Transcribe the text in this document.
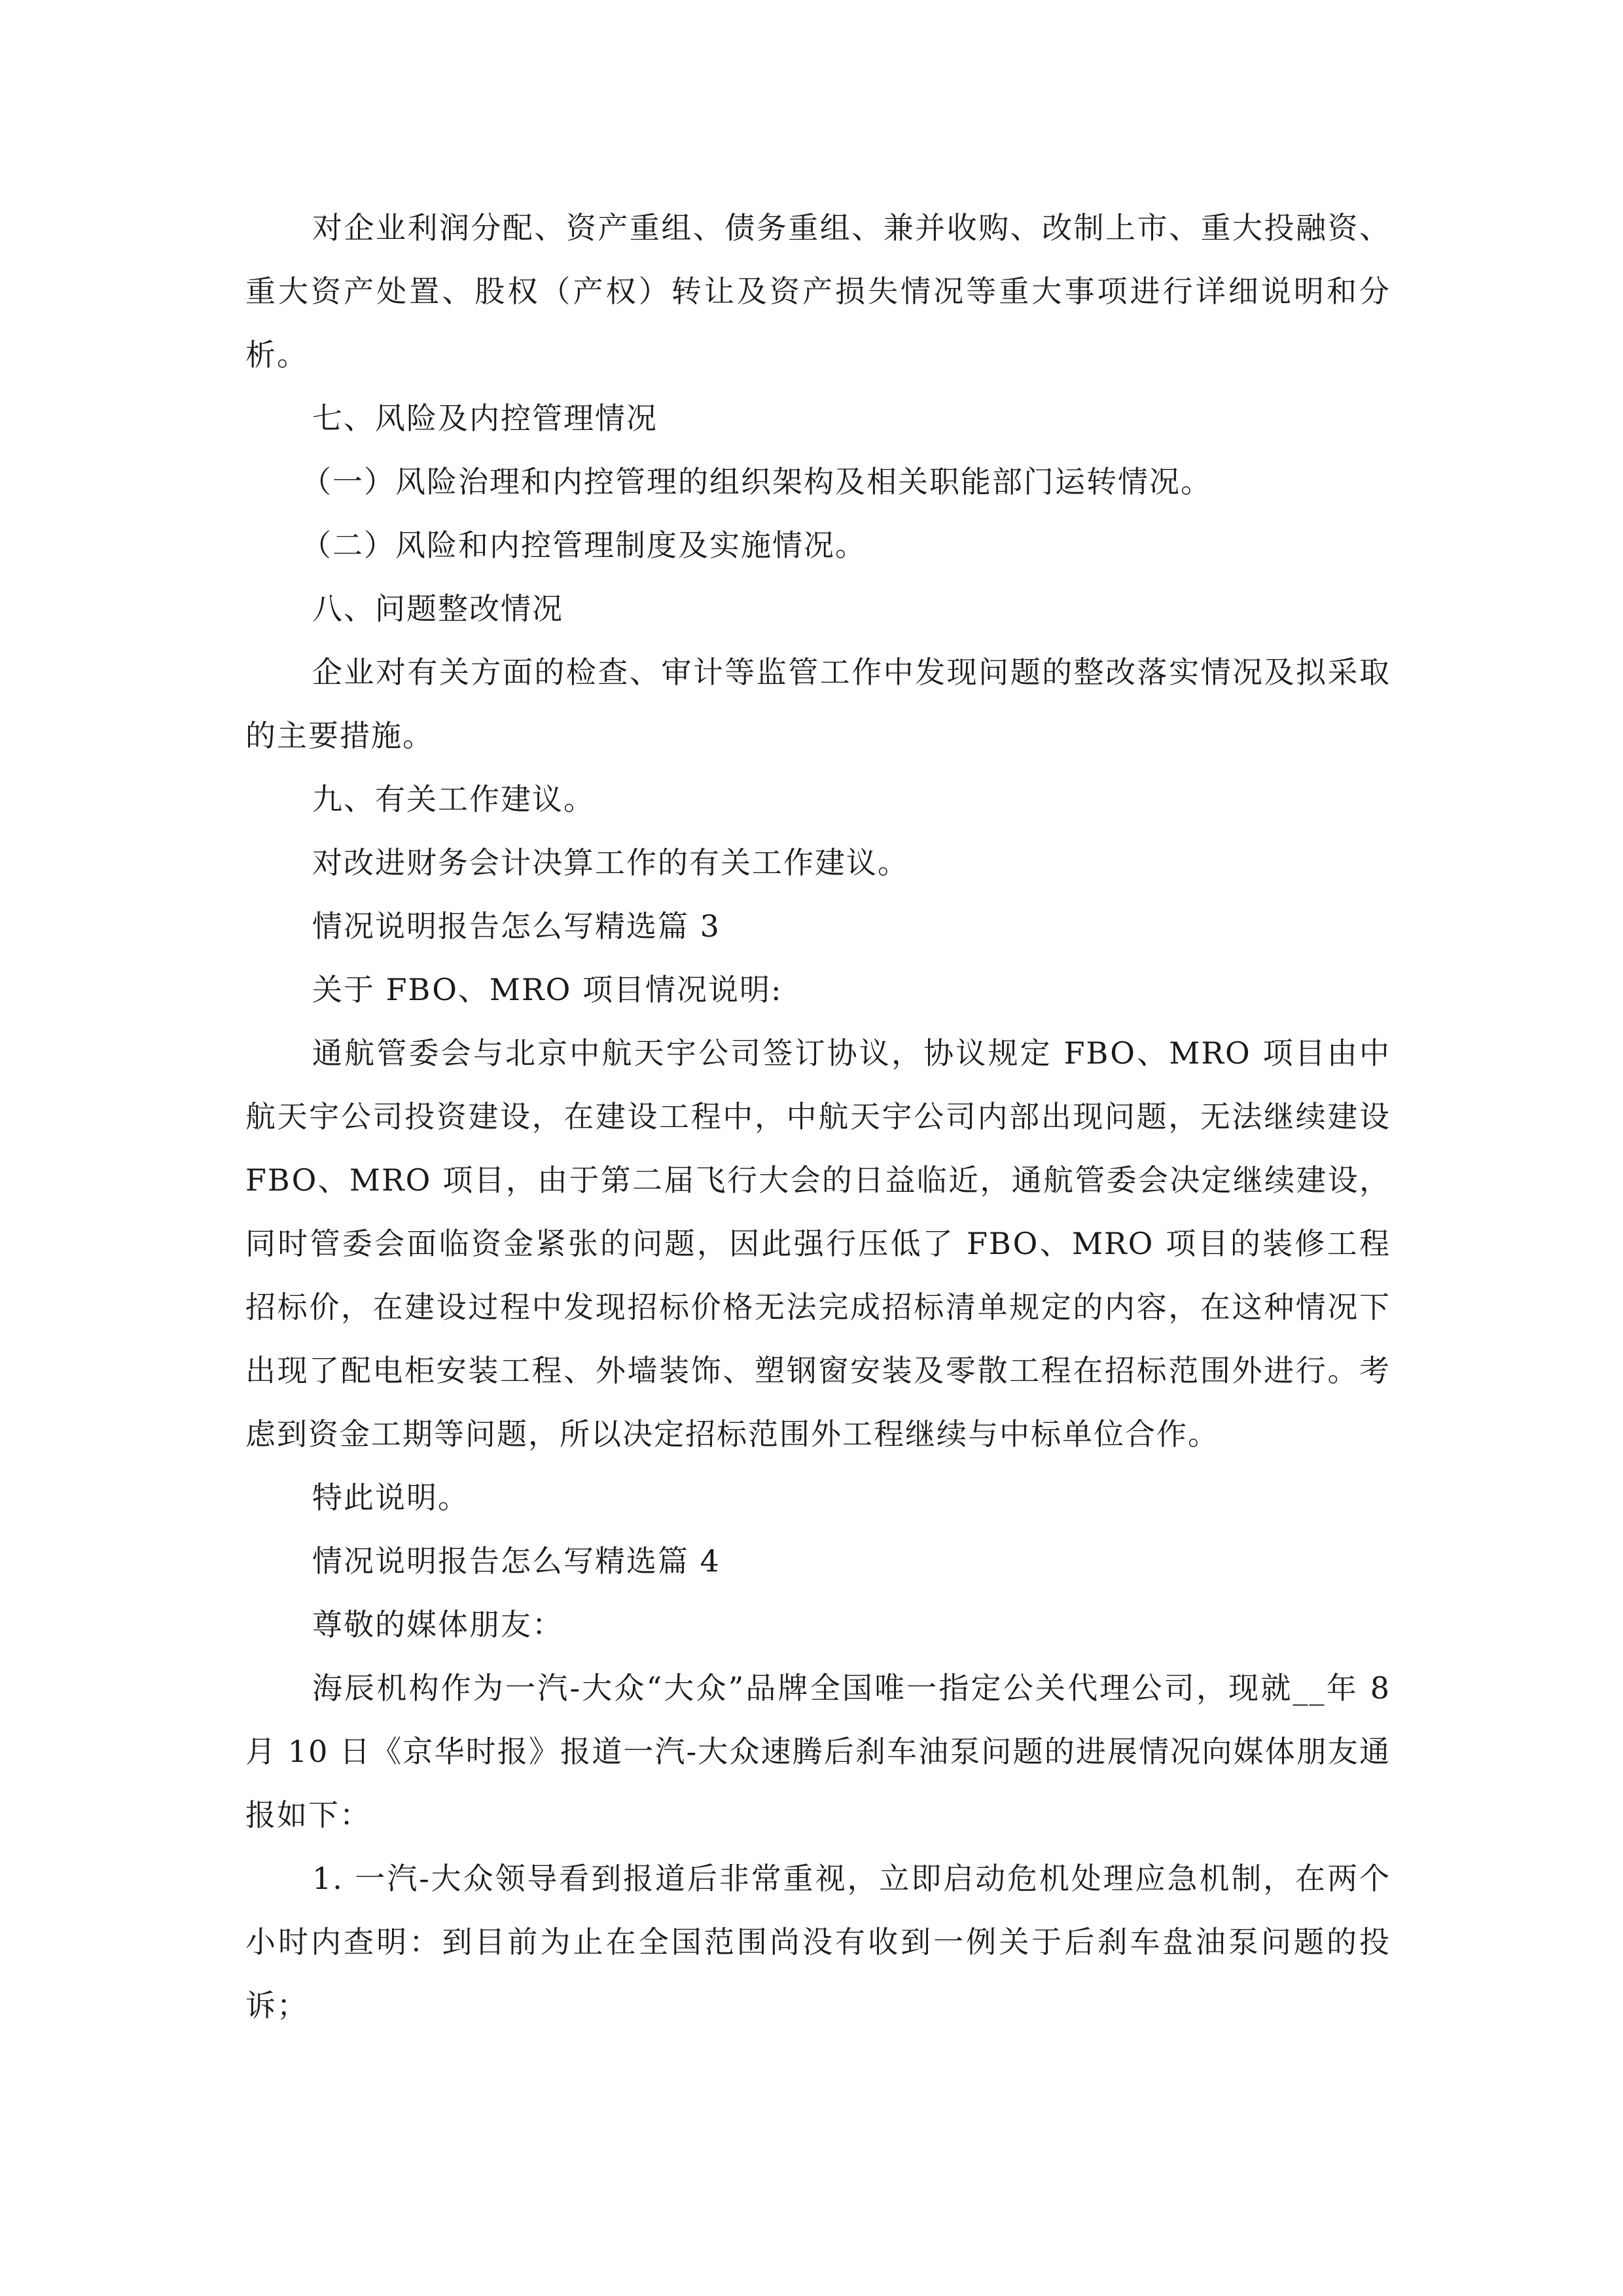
对企业利润分配、资产重组、债务重组、兼并收购、改制上市、重大投融资、重大资产处置、股权（产权）转让及资产损失情况等重大事项进行详细说明和分析。

七、风险及内控管理情况

（一）风险治理和内控管理的组织架构及相关职能部门运转情况。

（二）风险和内控管理制度及实施情况。

八、问题整改情况

企业对有关方面的检查、审计等监管工作中发现问题的整改落实情况及拟采取的主要措施。

九、有关工作建议。

对改进财务会计决算工作的有关工作建议。

情况说明报告怎么写精选篇 3

关于 FBO、MRO 项目情况说明:

通航管委会与北京中航天宇公司签订协议，协议规定 FBO、MRO 项目由中航天宇公司投资建设，在建设工程中，中航天宇公司内部出现问题，无法继续建设 FBO、MRO 项目，由于第二届飞行大会的日益临近，通航管委会决定继续建设，同时管委会面临资金紧张的问题，因此强行压低了 FBO、MRO 项目的装修工程招标价，在建设过程中发现招标价格无法完成招标清单规定的内容，在这种情况下出现了配电柜安装工程、外墙装饰、塑钢窗安装及零散工程在招标范围外进行。考虑到资金工期等问题，所以决定招标范围外工程继续与中标单位合作。

特此说明。

情况说明报告怎么写精选篇 4

尊敬的媒体朋友：

海辰机构作为一汽-大众“大众”品牌全国唯一指定公关代理公司，现就__年 8 月 10 日《京华时报》报道一汽-大众速腾后刹车油泵问题的进展情况向媒体朋友通报如下：

1. 一汽-大众领导看到报道后非常重视，立即启动危机处理应急机制，在两个小时内查明：到目前为止在全国范围尚没有收到一例关于后刹车盘油泵问题的投诉；
